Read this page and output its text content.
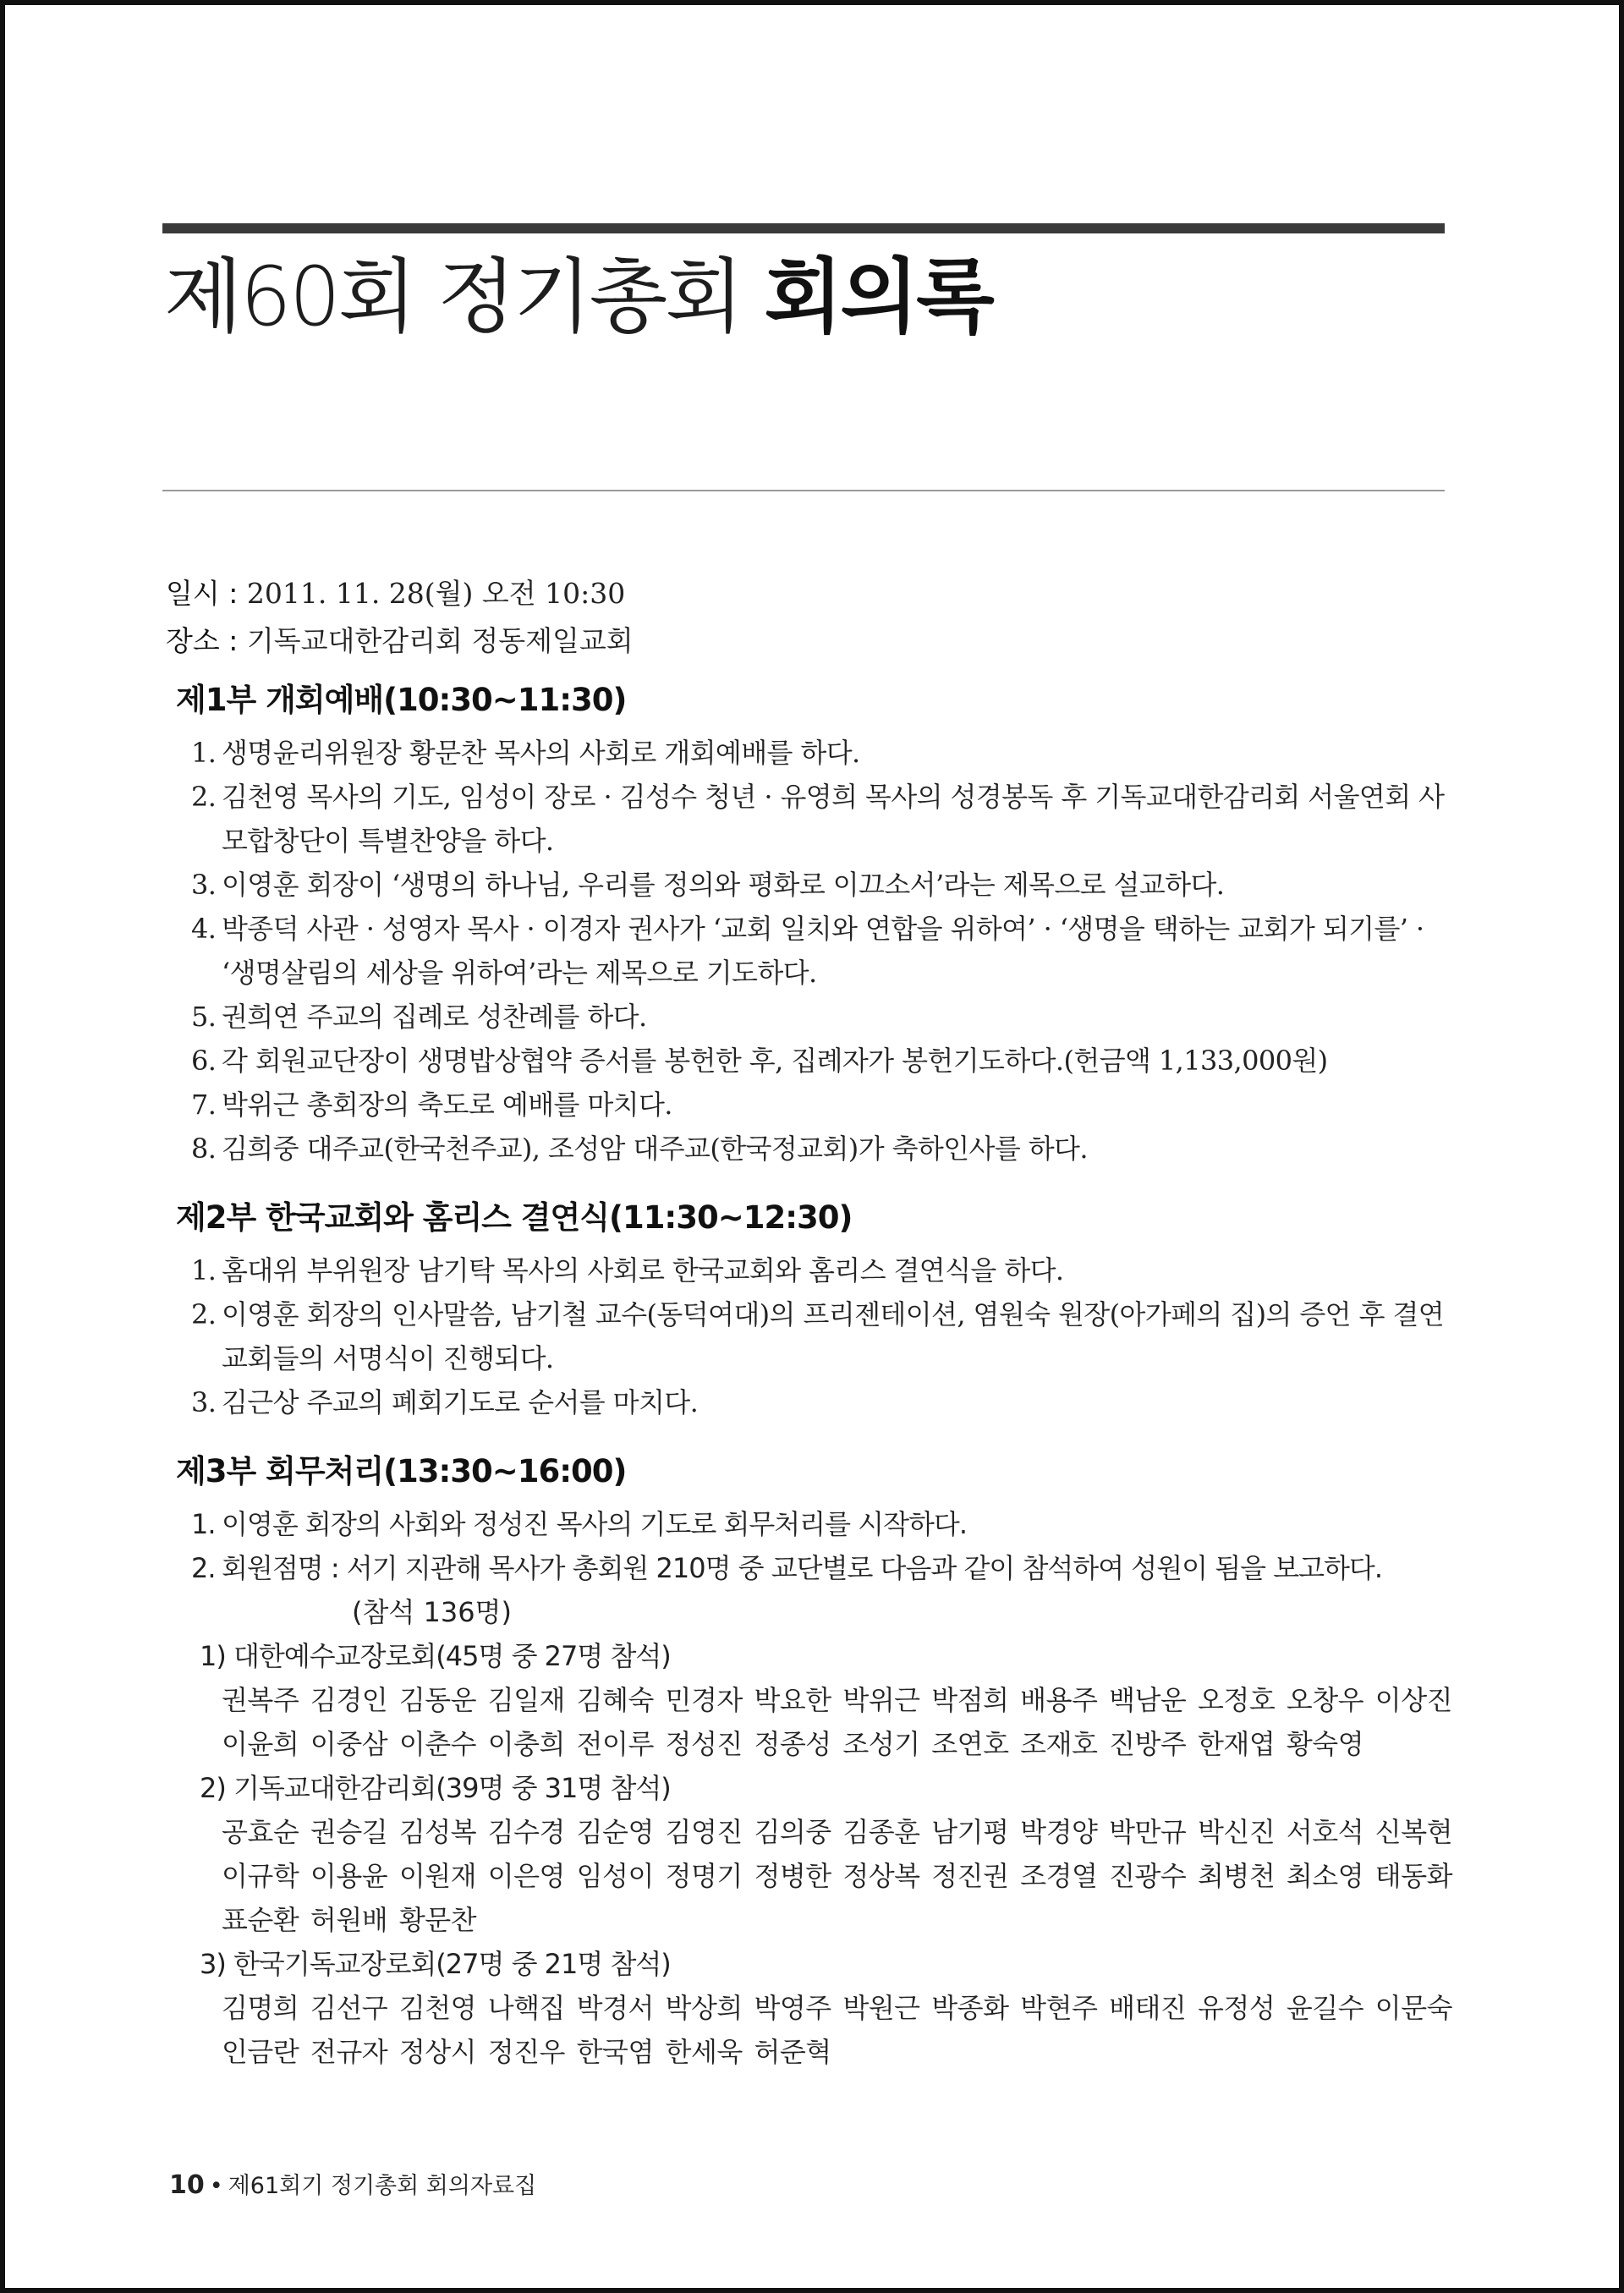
제60회 정기총회 회의록
일시 : 2011. 11. 28(월) 오전 10:30
장소 : 기독교대한감리회 정동제일교회
제1부 개회예배(10:30~11:30)
1. 생명윤리위원장 황문찬 목사의 사회로 개회예배를 하다.
2. 김천영 목사의 기도, 임성이 장로 · 김성수 청년 · 유영희 목사의 성경봉독 후 기독교대한감리회 서울연회 사모합창단이 특별찬양을 하다.
3. 이영훈 회장이 ‘생명의 하나님, 우리를 정의와 평화로 이끄소서’라는 제목으로 설교하다.
4. 박종덕 사관 · 성영자 목사 · 이경자 권사가 ‘교회 일치와 연합을 위하여’ · ‘생명을 택하는 교회가 되기를’ · ‘생명살림의 세상을 위하여’라는 제목으로 기도하다.
5. 권희연 주교의 집례로 성찬례를 하다.
6. 각 회원교단장이 생명밥상협약 증서를 봉헌한 후, 집례자가 봉헌기도하다.(헌금액 1,133,000원)
7. 박위근 총회장의 축도로 예배를 마치다.
8. 김희중 대주교(한국천주교), 조성암 대주교(한국정교회)가 축하인사를 하다.
제2부 한국교회와 홈리스 결연식(11:30~12:30)
1. 홈대위 부위원장 남기탁 목사의 사회로 한국교회와 홈리스 결연식을 하다.
2. 이영훈 회장의 인사말씀, 남기철 교수(동덕여대)의 프리젠테이션, 염원숙 원장(아가페의 집)의 증언 후 결연교회들의 서명식이 진행되다.
3. 김근상 주교의 폐회기도로 순서를 마치다.
제3부 회무처리(13:30~16:00)
1. 이영훈 회장의 사회와 정성진 목사의 기도로 회무처리를 시작하다.
2. 회원점명 : 서기 지관해 목사가 총회원 210명 중 교단별로 다음과 같이 참석하여 성원이 됨을 보고하다.
(참석 136명)
1) 대한예수교장로회(45명 중 27명 참석)
권복주 김경인 김동운 김일재 김혜숙 민경자 박요한 박위근 박점희 배용주 백남운 오정호 오창우 이상진 이윤희 이중삼 이춘수 이충희 전이루 정성진 정종성 조성기 조연호 조재호 진방주 한재엽 황숙영
2) 기독교대한감리회(39명 중 31명 참석)
공효순 권승길 김성복 김수경 김순영 김영진 김의중 김종훈 남기평 박경양 박만규 박신진 서호석 신복현 이규학 이용윤 이원재 이은영 임성이 정명기 정병한 정상복 정진권 조경열 진광수 최병천 최소영 태동화 표순환 허원배 황문찬
3) 한국기독교장로회(27명 중 21명 참석)
김명희 김선구 김천영 나핵집 박경서 박상희 박영주 박원근 박종화 박현주 배태진 유정성 윤길수 이문숙 인금란 전규자 정상시 정진우 한국염 한세욱 허준혁
10 • 제61회기 정기총회 회의자료집
